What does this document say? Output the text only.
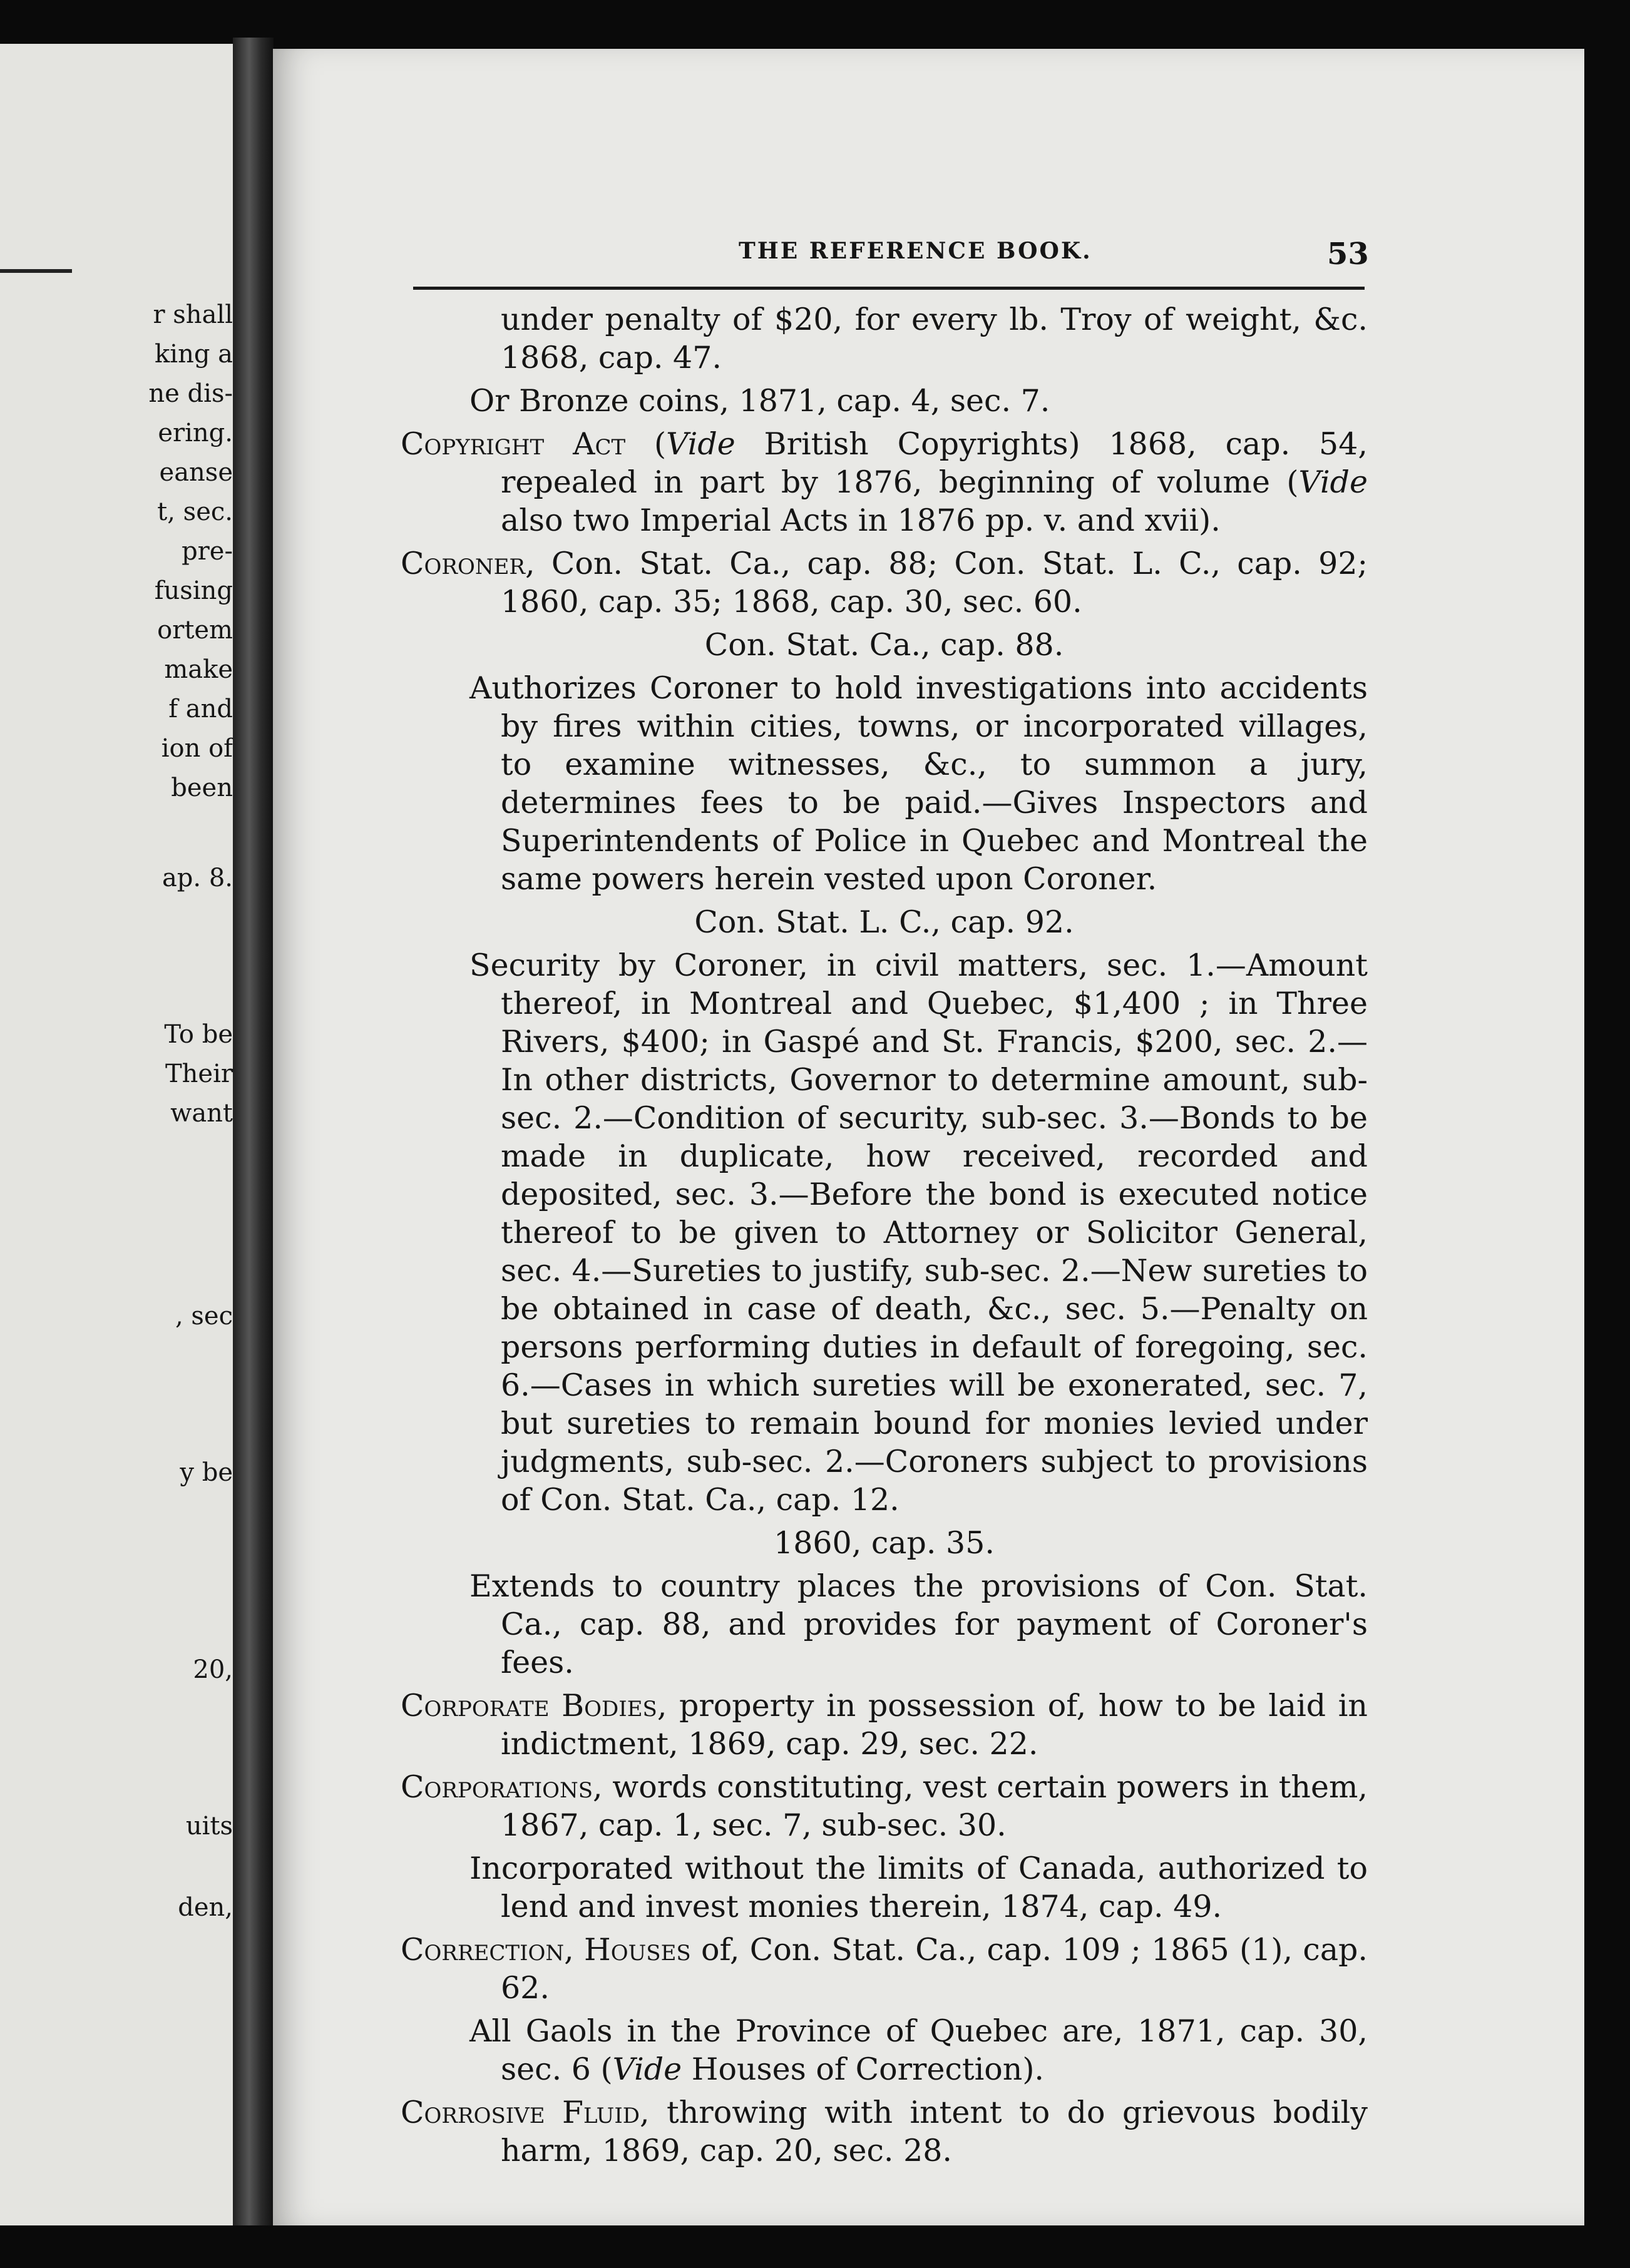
r shall
king a
ne dis-
ering.
eanse
t, sec.
pre-
fusing
ortem
make
f and
ion of
been
ap. 8.
To be
Their
want
, sec
y be
20,
uits
den,
THE REFERENCE BOOK.	53

under penalty of $20, for every lb. Troy of weight, &c. 1868, cap. 47.

Or Bronze coins, 1871, cap. 4, sec. 7.

Copyright Act (Vide British Copyrights) 1868, cap. 54, repealed in part by 1876, beginning of volume (Vide also two Imperial Acts in 1876 pp. v. and xvii).

Coroner, Con. Stat. Ca., cap. 88; Con. Stat. L. C., cap. 92; 1860, cap. 35; 1868, cap. 30, sec. 60.

Con. Stat. Ca., cap. 88.

Authorizes Coroner to hold investigations into accidents by fires within cities, towns, or incorporated villages, to examine witnesses, &c., to summon a jury, determines fees to be paid.—Gives Inspectors and Superintendents of Police in Quebec and Montreal the same powers herein vested upon Coroner.

Con. Stat. L. C., cap. 92.

Security by Coroner, in civil matters, sec. 1.—Amount thereof, in Montreal and Quebec, $1,400 ; in Three Rivers, $400; in Gaspé and St. Francis, $200, sec. 2.—In other districts, Governor to determine amount, sub-sec. 2.—Condition of security, sub-sec. 3.—Bonds to be made in duplicate, how received, recorded and deposited, sec. 3.—Before the bond is executed notice thereof to be given to Attorney or Solicitor General, sec. 4.—Sureties to justify, sub-sec. 2.—New sureties to be obtained in case of death, &c., sec. 5.—Penalty on persons performing duties in default of foregoing, sec. 6.—Cases in which sureties will be exonerated, sec. 7, but sureties to remain bound for monies levied under judgments, sub-sec. 2.—Coroners subject to provisions of Con. Stat. Ca., cap. 12.

1860, cap. 35.

Extends to country places the provisions of Con. Stat. Ca., cap. 88, and provides for payment of Coroner's fees.

Corporate Bodies, property in possession of, how to be laid in indictment, 1869, cap. 29, sec. 22.

Corporations, words constituting, vest certain powers in them, 1867, cap. 1, sec. 7, sub-sec. 30.

Incorporated without the limits of Canada, authorized to lend and invest monies therein, 1874, cap. 49.

Correction, Houses of, Con. Stat. Ca., cap. 109 ; 1865 (1), cap. 62.

All Gaols in the Province of Quebec are, 1871, cap. 30, sec. 6 (Vide Houses of Correction).

Corrosive Fluid, throwing with intent to do grievous bodily harm, 1869, cap. 20, sec. 28.
